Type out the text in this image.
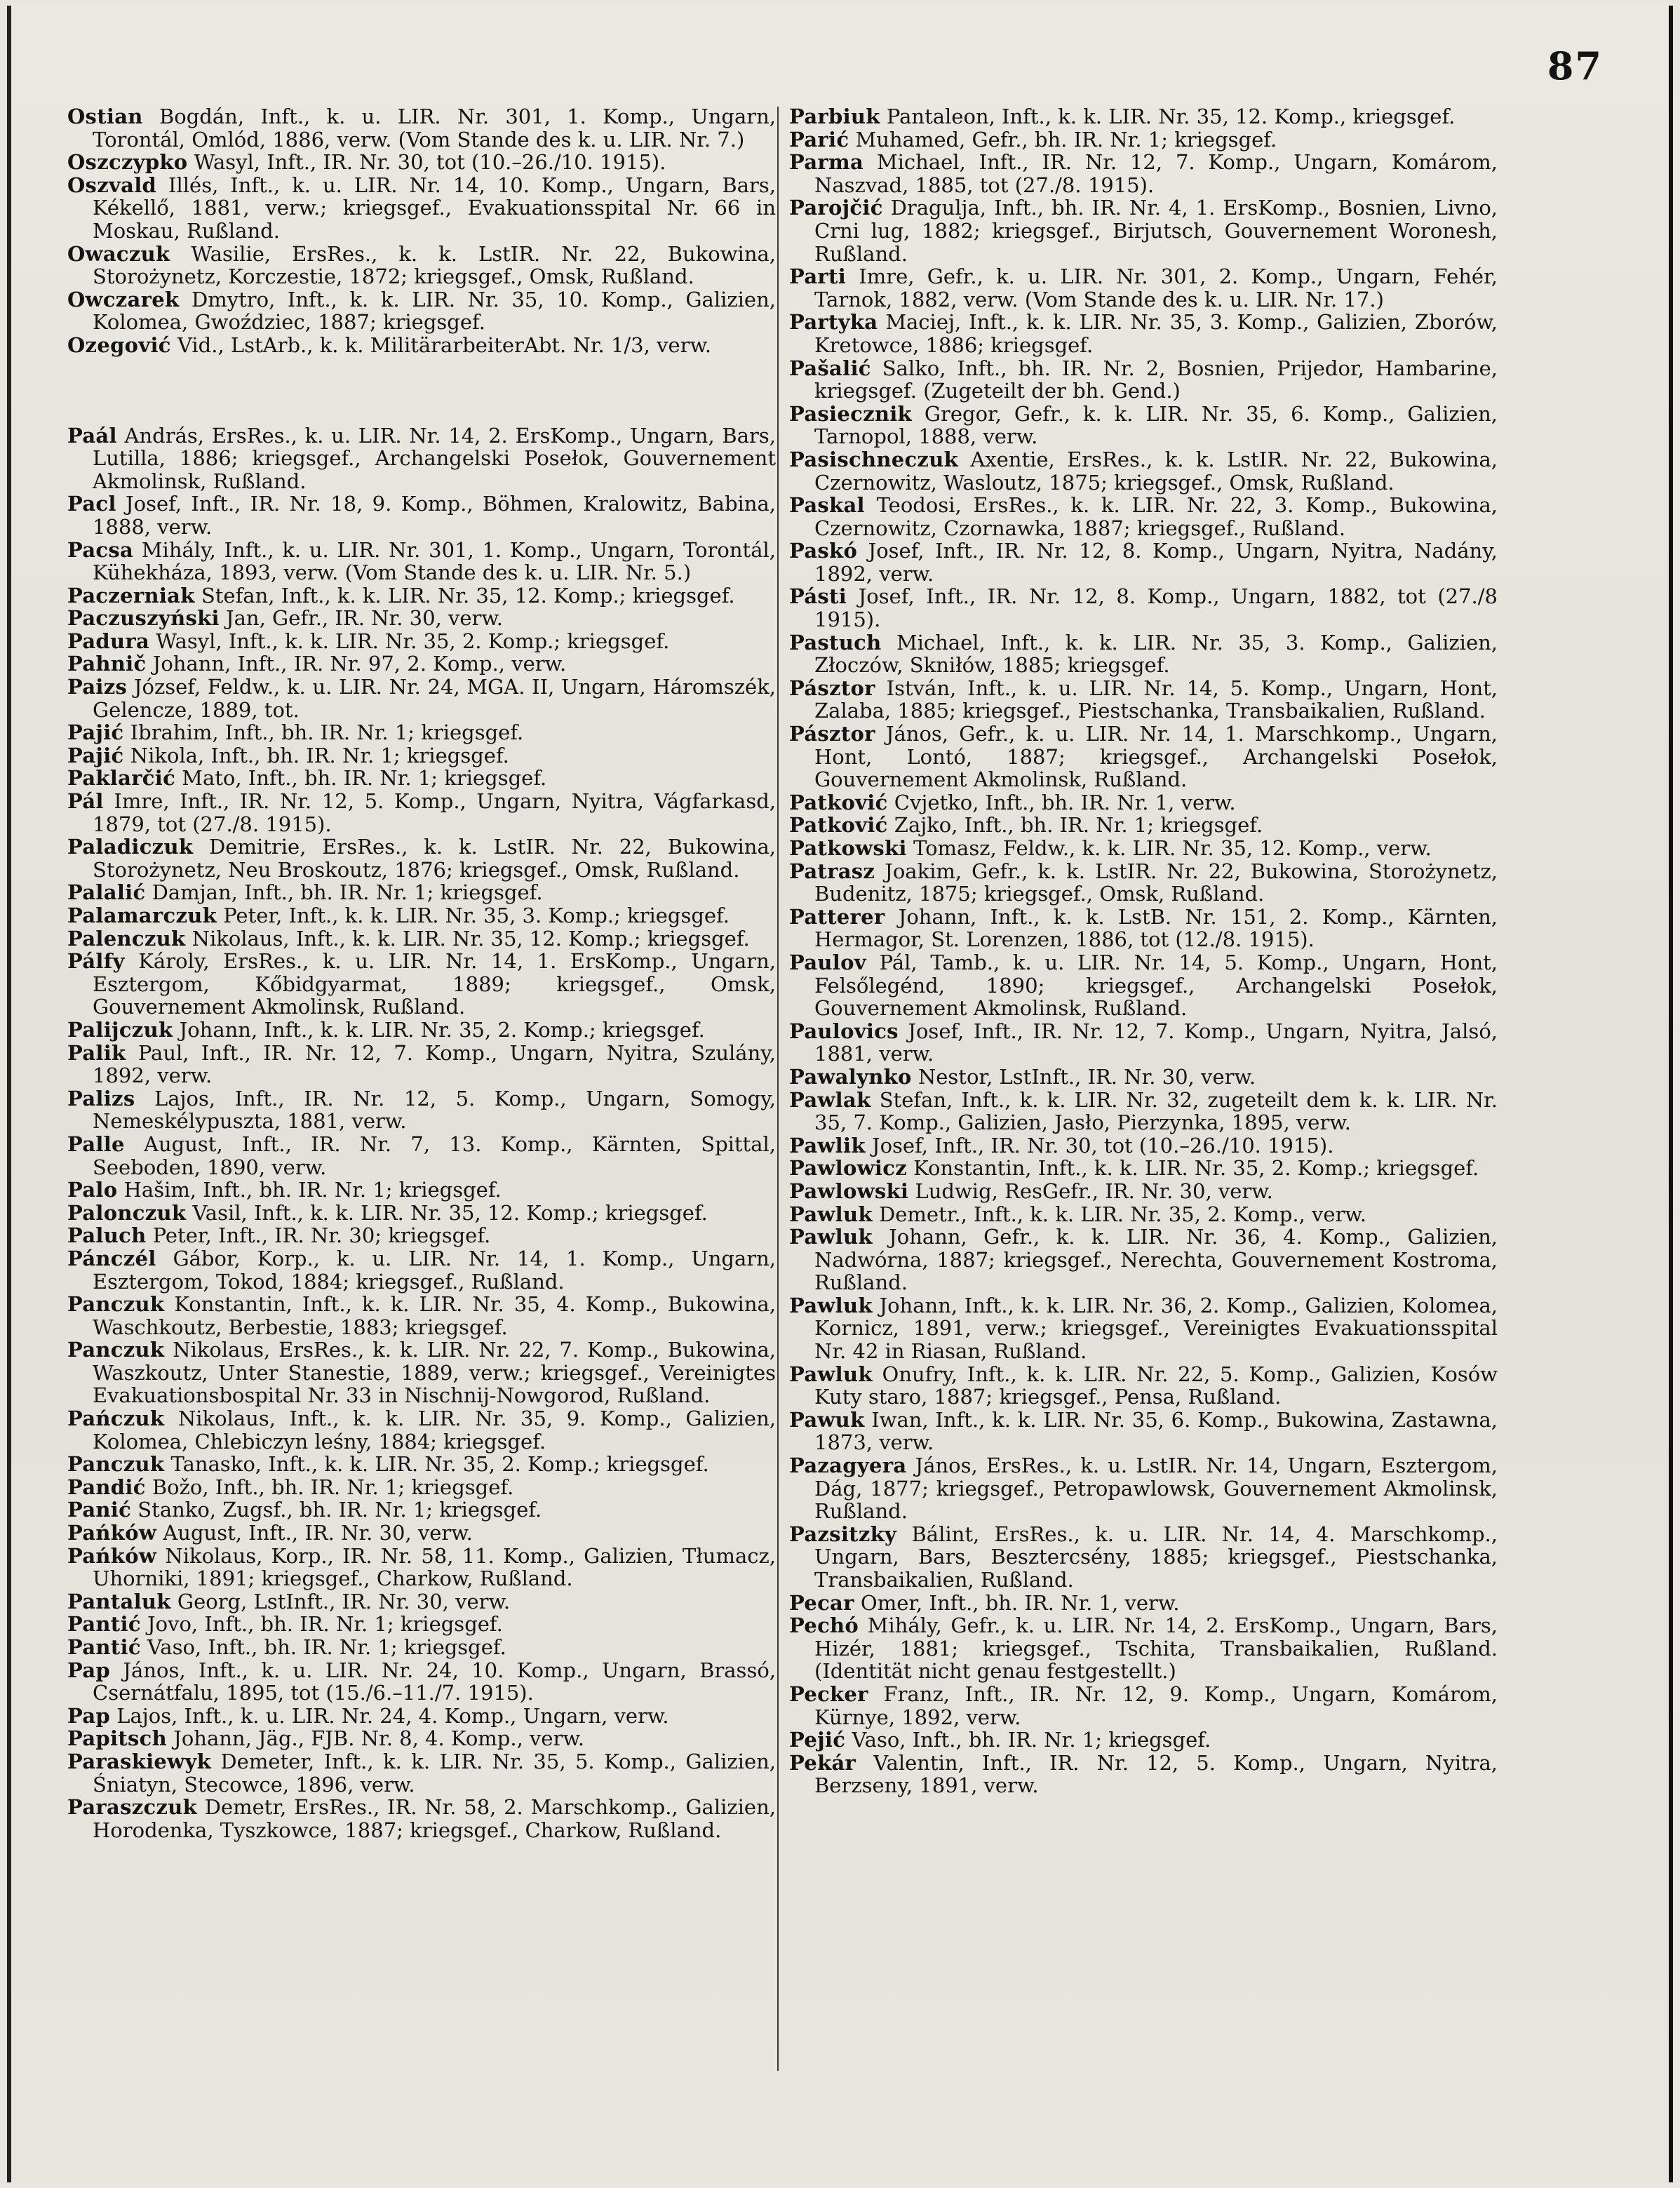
87
Ostian Bogdán, Inft., k. u. LIR. Nr. 301, 1. Komp., Ungarn, Torontál, Omlód, 1886, verw. (Vom Stande des k. u. LIR. Nr. 7.)
Oszczypko Wasyl, Inft., IR. Nr. 30, tot (10.–26./10. 1915).
Oszvald Illés, Inft., k. u. LIR. Nr. 14, 10. Komp., Ungarn, Bars, Kékellő, 1881, verw.; kriegsgef., Evakuationsspital Nr. 66 in Moskau, Rußland.
Owaczuk Wasilie, ErsRes., k. k. LstIR. Nr. 22, Bukowina, Storożynetz, Korczestie, 1872; kriegsgef., Omsk, Rußland.
Owczarek Dmytro, Inft., k. k. LIR. Nr. 35, 10. Komp., Galizien, Kolomea, Gwoździec, 1887; kriegsgef.
Ozegović Vid., LstArb., k. k. MilitärarbeiterAbt. Nr. 1/3, verw.
Paál András, ErsRes., k. u. LIR. Nr. 14, 2. ErsKomp., Ungarn, Bars, Lutilla, 1886; kriegsgef., Archangelski Posełok, Gouvernement Akmolinsk, Rußland.
Pacl Josef, Inft., IR. Nr. 18, 9. Komp., Böhmen, Kralowitz, Babina, 1888, verw.
Pacsa Mihály, Inft., k. u. LIR. Nr. 301, 1. Komp., Ungarn, Torontál, Kühekháza, 1893, verw. (Vom Stande des k. u. LIR. Nr. 5.)
Paczerniak Stefan, Inft., k. k. LIR. Nr. 35, 12. Komp.; kriegsgef.
Paczuszyński Jan, Gefr., IR. Nr. 30, verw.
Padura Wasyl, Inft., k. k. LIR. Nr. 35, 2. Komp.; kriegsgef.
Pahnič Johann, Inft., IR. Nr. 97, 2. Komp., verw.
Paizs József, Feldw., k. u. LIR. Nr. 24, MGA. II, Ungarn, Háromszék, Gelencze, 1889, tot.
Pajić Ibrahim, Inft., bh. IR. Nr. 1; kriegsgef.
Pajić Nikola, Inft., bh. IR. Nr. 1; kriegsgef.
Paklarčić Mato, Inft., bh. IR. Nr. 1; kriegsgef.
Pál Imre, Inft., IR. Nr. 12, 5. Komp., Ungarn, Nyitra, Vágfarkasd, 1879, tot (27./8. 1915).
Paladiczuk Demitrie, ErsRes., k. k. LstIR. Nr. 22, Bukowina, Storożynetz, Neu Broskoutz, 1876; kriegsgef., Omsk, Rußland.
Palalić Damjan, Inft., bh. IR. Nr. 1; kriegsgef.
Palamarczuk Peter, Inft., k. k. LIR. Nr. 35, 3. Komp.; kriegsgef.
Palenczuk Nikolaus, Inft., k. k. LIR. Nr. 35, 12. Komp.; kriegsgef.
Pálfy Károly, ErsRes., k. u. LIR. Nr. 14, 1. ErsKomp., Ungarn, Esztergom, Kőbidgyarmat, 1889; kriegsgef., Omsk, Gouvernement Akmolinsk, Rußland.
Palijczuk Johann, Inft., k. k. LIR. Nr. 35, 2. Komp.; kriegsgef.
Palik Paul, Inft., IR. Nr. 12, 7. Komp., Ungarn, Nyitra, Szulány, 1892, verw.
Palizs Lajos, Inft., IR. Nr. 12, 5. Komp., Ungarn, Somogy, Nemeskélypuszta, 1881, verw.
Palle August, Inft., IR. Nr. 7, 13. Komp., Kärnten, Spittal, Seeboden, 1890, verw.
Palo Hašim, Inft., bh. IR. Nr. 1; kriegsgef.
Palonczuk Vasil, Inft., k. k. LIR. Nr. 35, 12. Komp.; kriegsgef.
Paluch Peter, Inft., IR. Nr. 30; kriegsgef.
Pánczél Gábor, Korp., k. u. LIR. Nr. 14, 1. Komp., Ungarn, Esztergom, Tokod, 1884; kriegsgef., Rußland.
Panczuk Konstantin, Inft., k. k. LIR. Nr. 35, 4. Komp., Bukowina, Waschkoutz, Berbestie, 1883; kriegsgef.
Panczuk Nikolaus, ErsRes., k. k. LIR. Nr. 22, 7. Komp., Bukowina, Waszkoutz, Unter Stanestie, 1889, verw.; kriegsgef., Vereinigtes Evakuationsbospital Nr. 33 in Nischnij-Nowgorod, Rußland.
Pańczuk Nikolaus, Inft., k. k. LIR. Nr. 35, 9. Komp., Galizien, Kolomea, Chlebiczyn leśny, 1884; kriegsgef.
Panczuk Tanasko, Inft., k. k. LIR. Nr. 35, 2. Komp.; kriegsgef.
Pandić Božo, Inft., bh. IR. Nr. 1; kriegsgef.
Panić Stanko, Zugsf., bh. IR. Nr. 1; kriegsgef.
Pańków August, Inft., IR. Nr. 30, verw.
Pańków Nikolaus, Korp., IR. Nr. 58, 11. Komp., Galizien, Tłumacz, Uhorniki, 1891; kriegsgef., Charkow, Rußland.
Pantaluk Georg, LstInft., IR. Nr. 30, verw.
Pantić Jovo, Inft., bh. IR. Nr. 1; kriegsgef.
Pantić Vaso, Inft., bh. IR. Nr. 1; kriegsgef.
Pap János, Inft., k. u. LIR. Nr. 24, 10. Komp., Ungarn, Brassó, Csernátfalu, 1895, tot (15./6.–11./7. 1915).
Pap Lajos, Inft., k. u. LIR. Nr. 24, 4. Komp., Ungarn, verw.
Papitsch Johann, Jäg., FJB. Nr. 8, 4. Komp., verw.
Paraskiewyk Demeter, Inft., k. k. LIR. Nr. 35, 5. Komp., Galizien, Śniatyn, Stecowce, 1896, verw.
Paraszczuk Demetr, ErsRes., IR. Nr. 58, 2. Marschkomp., Galizien, Horodenka, Tyszkowce, 1887; kriegsgef., Charkow, Rußland.
Parbiuk Pantaleon, Inft., k. k. LIR. Nr. 35, 12. Komp., kriegsgef.
Parić Muhamed, Gefr., bh. IR. Nr. 1; kriegsgef.
Parma Michael, Inft., IR. Nr. 12, 7. Komp., Ungarn, Komárom, Naszvad, 1885, tot (27./8. 1915).
Parojčić Dragulja, Inft., bh. IR. Nr. 4, 1. ErsKomp., Bosnien, Livno, Crni lug, 1882; kriegsgef., Birjutsch, Gouvernement Woronesh, Rußland.
Parti Imre, Gefr., k. u. LIR. Nr. 301, 2. Komp., Ungarn, Fehér, Tarnok, 1882, verw. (Vom Stande des k. u. LIR. Nr. 17.)
Partyka Maciej, Inft., k. k. LIR. Nr. 35, 3. Komp., Galizien, Zborów, Kretowce, 1886; kriegsgef.
Pašalić Salko, Inft., bh. IR. Nr. 2, Bosnien, Prijedor, Hambarine, kriegsgef. (Zugeteilt der bh. Gend.)
Pasiecznik Gregor, Gefr., k. k. LIR. Nr. 35, 6. Komp., Galizien, Tarnopol, 1888, verw.
Pasischneczuk Axentie, ErsRes., k. k. LstIR. Nr. 22, Bukowina, Czernowitz, Wasloutz, 1875; kriegsgef., Omsk, Rußland.
Paskal Teodosi, ErsRes., k. k. LIR. Nr. 22, 3. Komp., Bukowina, Czernowitz, Czornawka, 1887; kriegsgef., Rußland.
Paskó Josef, Inft., IR. Nr. 12, 8. Komp., Ungarn, Nyitra, Nadány, 1892, verw.
Pásti Josef, Inft., IR. Nr. 12, 8. Komp., Ungarn, 1882, tot (27./8 1915).
Pastuch Michael, Inft., k. k. LIR. Nr. 35, 3. Komp., Galizien, Złoczów, Skniłów, 1885; kriegsgef.
Pásztor István, Inft., k. u. LIR. Nr. 14, 5. Komp., Ungarn, Hont, Zalaba, 1885; kriegsgef., Piestschanka, Transbaikalien, Rußland.
Pásztor János, Gefr., k. u. LIR. Nr. 14, 1. Marschkomp., Ungarn, Hont, Lontó, 1887; kriegsgef., Archangelski Posełok, Gouvernement Akmolinsk, Rußland.
Patković Cvjetko, Inft., bh. IR. Nr. 1, verw.
Patković Zajko, Inft., bh. IR. Nr. 1; kriegsgef.
Patkowski Tomasz, Feldw., k. k. LIR. Nr. 35, 12. Komp., verw.
Patrasz Joakim, Gefr., k. k. LstIR. Nr. 22, Bukowina, Storożynetz, Budenitz, 1875; kriegsgef., Omsk, Rußland.
Patterer Johann, Inft., k. k. LstB. Nr. 151, 2. Komp., Kärnten, Hermagor, St. Lorenzen, 1886, tot (12./8. 1915).
Paulov Pál, Tamb., k. u. LIR. Nr. 14, 5. Komp., Ungarn, Hont, Felsőlegénd, 1890; kriegsgef., Archangelski Posełok, Gouvernement Akmolinsk, Rußland.
Paulovics Josef, Inft., IR. Nr. 12, 7. Komp., Ungarn, Nyitra, Jalsó, 1881, verw.
Pawalynko Nestor, LstInft., IR. Nr. 30, verw.
Pawlak Stefan, Inft., k. k. LIR. Nr. 32, zugeteilt dem k. k. LIR. Nr. 35, 7. Komp., Galizien, Jasło, Pierzynka, 1895, verw.
Pawlik Josef, Inft., IR. Nr. 30, tot (10.–26./10. 1915).
Pawlowicz Konstantin, Inft., k. k. LIR. Nr. 35, 2. Komp.; kriegsgef.
Pawlowski Ludwig, ResGefr., IR. Nr. 30, verw.
Pawluk Demetr., Inft., k. k. LIR. Nr. 35, 2. Komp., verw.
Pawluk Johann, Gefr., k. k. LIR. Nr. 36, 4. Komp., Galizien, Nadwórna, 1887; kriegsgef., Nerechta, Gouvernement Kostroma, Rußland.
Pawluk Johann, Inft., k. k. LIR. Nr. 36, 2. Komp., Galizien, Kolomea, Kornicz, 1891, verw.; kriegsgef., Vereinigtes Evakuationsspital Nr. 42 in Riasan, Rußland.
Pawluk Onufry, Inft., k. k. LIR. Nr. 22, 5. Komp., Galizien, Kosów Kuty staro, 1887; kriegsgef., Pensa, Rußland.
Pawuk Iwan, Inft., k. k. LIR. Nr. 35, 6. Komp., Bukowina, Zastawna, 1873, verw.
Pazagyera János, ErsRes., k. u. LstIR. Nr. 14, Ungarn, Esztergom, Dág, 1877; kriegsgef., Petropawlowsk, Gouvernement Akmolinsk, Rußland.
Pazsitzky Bálint, ErsRes., k. u. LIR. Nr. 14, 4. Marschkomp., Ungarn, Bars, Besztercsény, 1885; kriegsgef., Piestschanka, Transbaikalien, Rußland.
Pecar Omer, Inft., bh. IR. Nr. 1, verw.
Pechó Mihály, Gefr., k. u. LIR. Nr. 14, 2. ErsKomp., Ungarn, Bars, Hizér, 1881; kriegsgef., Tschita, Transbaikalien, Rußland. (Identität nicht genau festgestellt.)
Pecker Franz, Inft., IR. Nr. 12, 9. Komp., Ungarn, Komárom, Kürnye, 1892, verw.
Pejić Vaso, Inft., bh. IR. Nr. 1; kriegsgef.
Pekár Valentin, Inft., IR. Nr. 12, 5. Komp., Ungarn, Nyitra, Berzseny, 1891, verw.
